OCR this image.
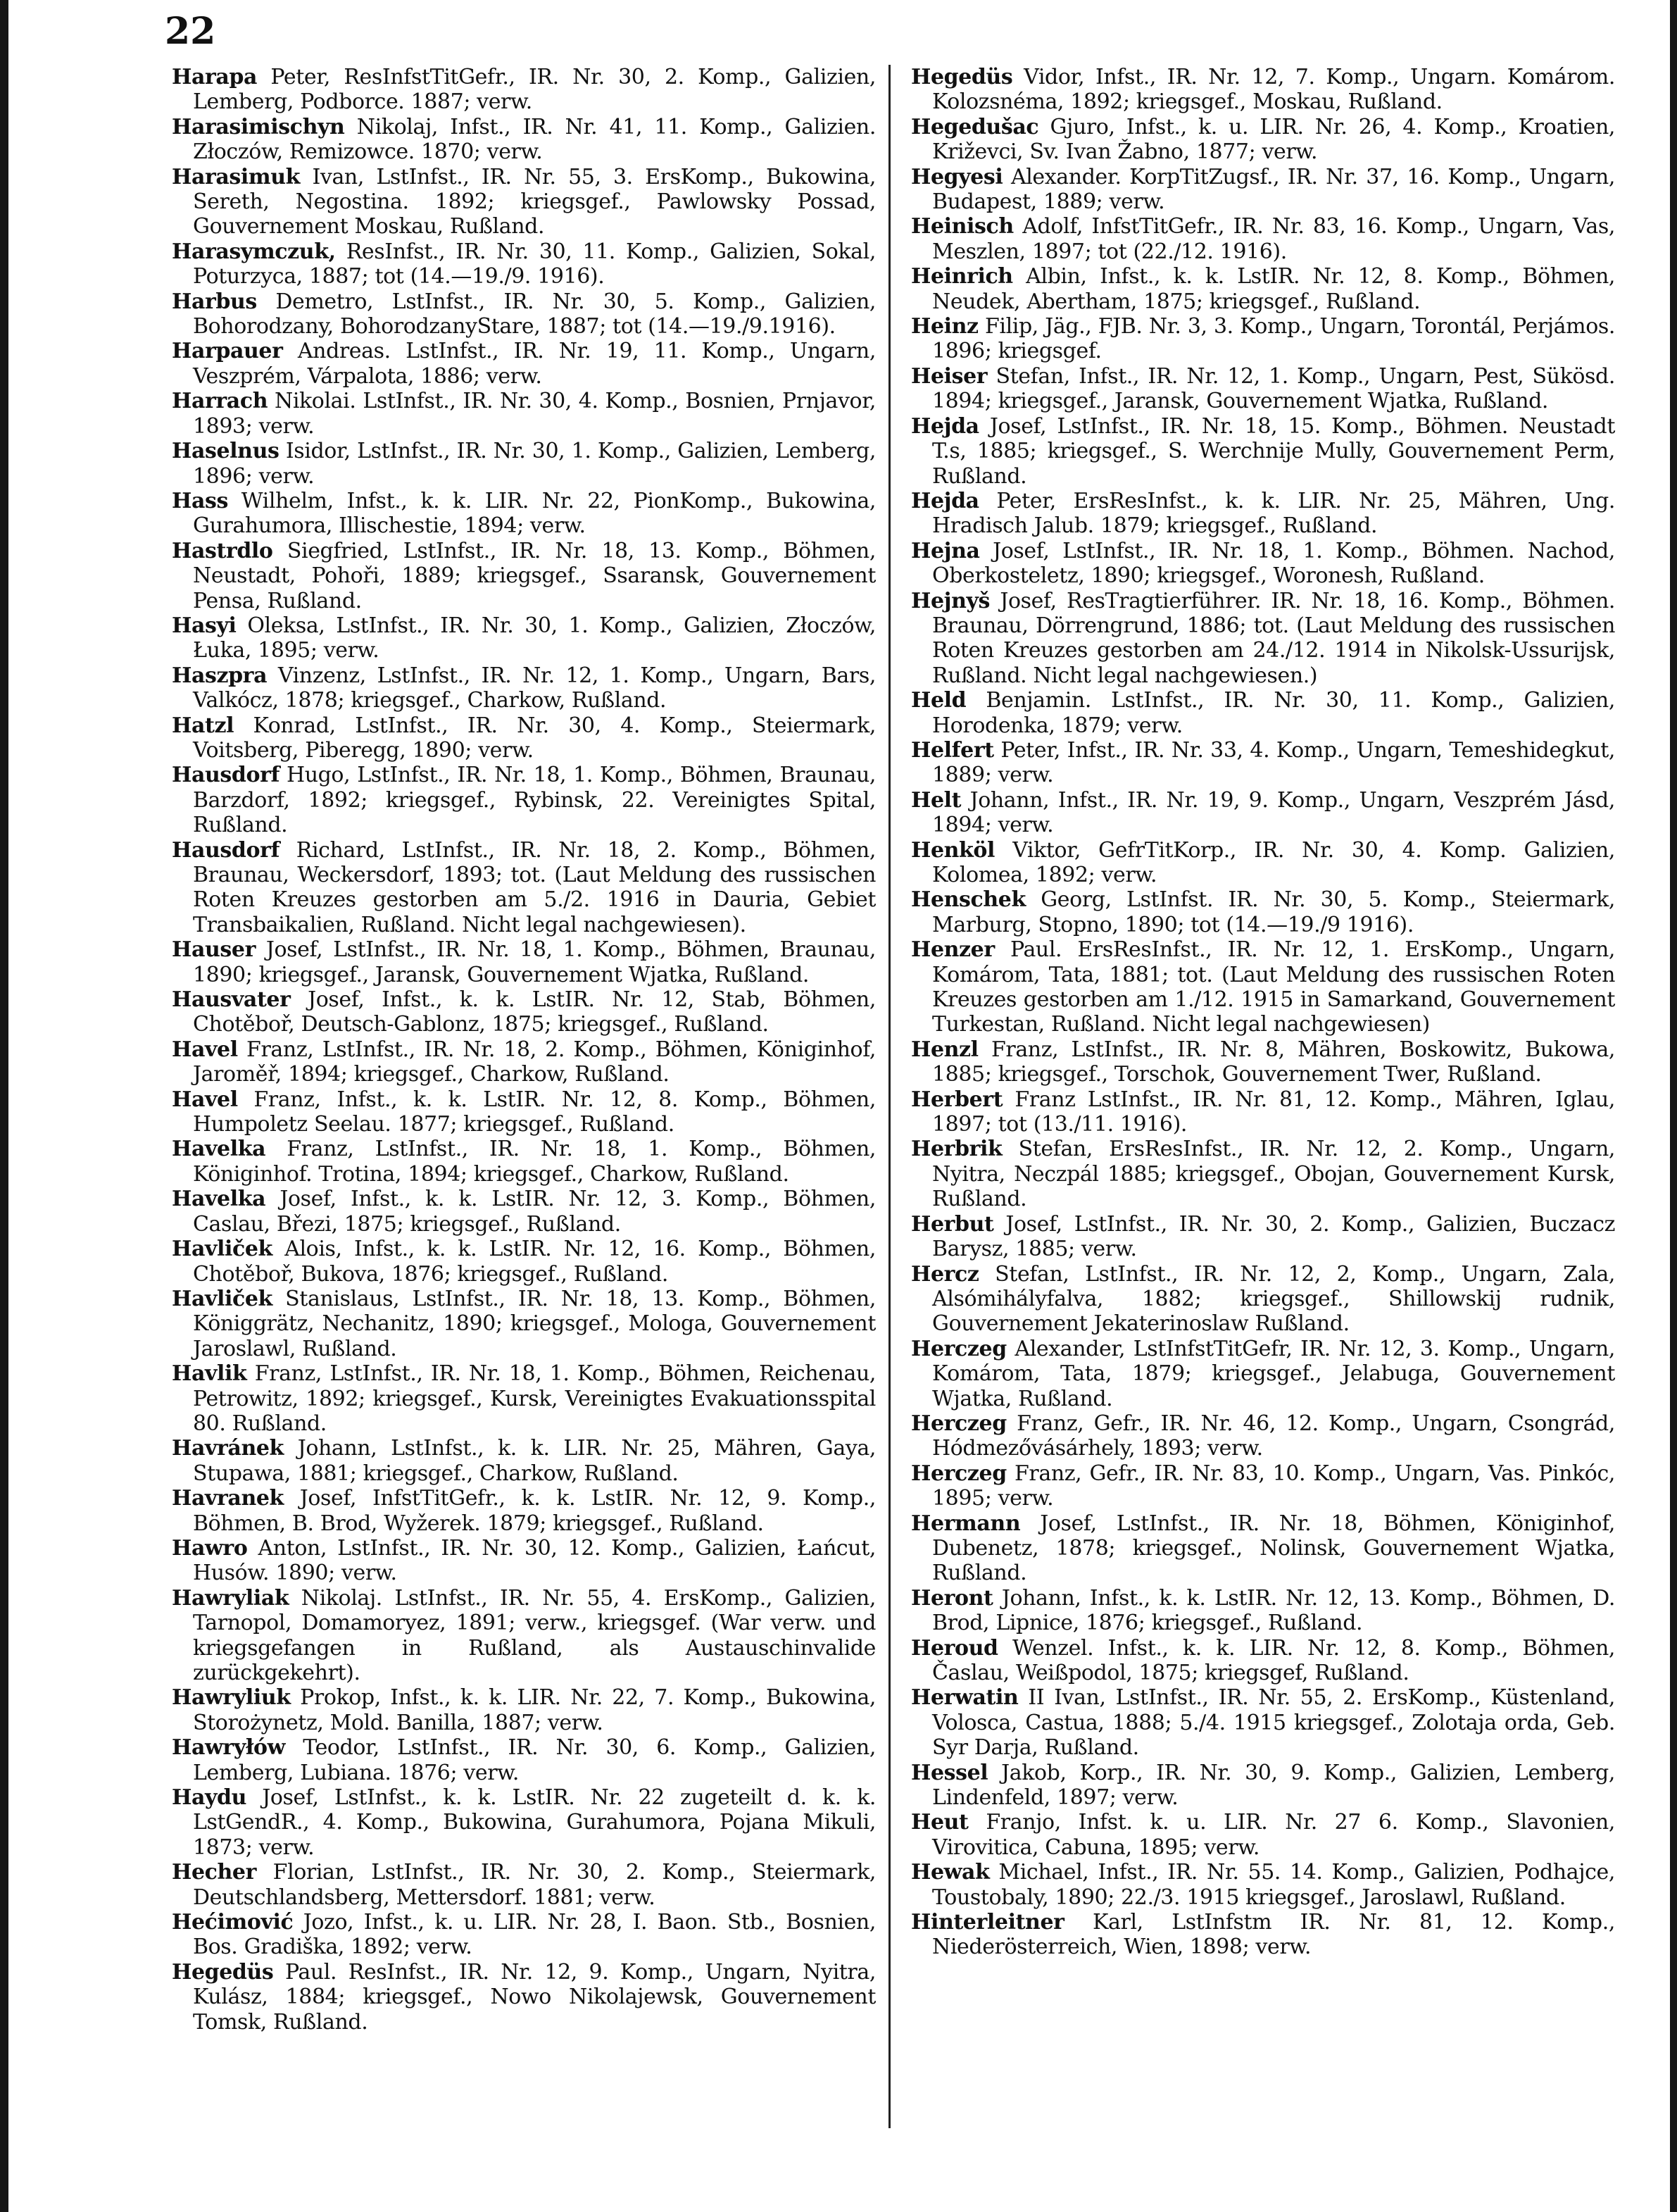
22

Harapa Peter, ResInfstTitGefr., IR. Nr. 30, 2. Komp., Galizien, Lemberg, Podborce. 1887; verw.

Harasimischyn Nikolaj, Infst., IR. Nr. 41, 11. Komp., Galizien. Złoczów, Remizowce. 1870; verw.

Harasimuk Ivan, LstInfst., IR. Nr. 55, 3. ErsKomp., Bukowina, Sereth, Negostina. 1892; kriegsgef., Pawlowsky Possad, Gouvernement Moskau, Rußland.

Harasymczuk, ResInfst., IR. Nr. 30, 11. Komp., Galizien, Sokal, Poturzyca, 1887; tot (14.—19./9. 1916).

Harbus Demetro, LstInfst., IR. Nr. 30, 5. Komp., Galizien, Bohorodzany, BohorodzanyStare, 1887; tot (14.—19./9.1916).

Harpauer Andreas. LstInfst., IR. Nr. 19, 11. Komp., Ungarn, Veszprém, Várpalota, 1886; verw.

Harrach Nikolai. LstInfst., IR. Nr. 30, 4. Komp., Bosnien, Prnjavor, 1893; verw.

Haselnus Isidor, LstInfst., IR. Nr. 30, 1. Komp., Galizien, Lemberg, 1896; verw.

Hass Wilhelm, Infst., k. k. LIR. Nr. 22, PionKomp., Bukowina, Gurahumora, Illischestie, 1894; verw.

Hastrdlo Siegfried, LstInfst., IR. Nr. 18, 13. Komp., Böhmen, Neustadt, Pohoři, 1889; kriegsgef., Ssaransk, Gouvernement Pensa, Rußland.

Hasyi Oleksa, LstInfst., IR. Nr. 30, 1. Komp., Galizien, Złoczów, Łuka, 1895; verw.

Haszpra Vinzenz, LstInfst., IR. Nr. 12, 1. Komp., Ungarn, Bars, Valkócz, 1878; kriegsgef., Charkow, Rußland.

Hatzl Konrad, LstInfst., IR. Nr. 30, 4. Komp., Steiermark, Voitsberg, Piberegg, 1890; verw.

Hausdorf Hugo, LstInfst., IR. Nr. 18, 1. Komp., Böhmen, Braunau, Barzdorf, 1892; kriegsgef., Rybinsk, 22. Vereinigtes Spital, Rußland.

Hausdorf Richard, LstInfst., IR. Nr. 18, 2. Komp., Böhmen, Braunau, Weckersdorf, 1893; tot. (Laut Meldung des russischen Roten Kreuzes gestorben am 5./2. 1916 in Dauria, Gebiet Transbaikalien, Rußland. Nicht legal nachgewiesen).

Hauser Josef, LstInfst., IR. Nr. 18, 1. Komp., Böhmen, Braunau, 1890; kriegsgef., Jaransk, Gouvernement Wjatka, Rußland.

Hausvater Josef, Infst., k. k. LstIR. Nr. 12, Stab, Böhmen, Chotěboř, Deutsch-Gablonz, 1875; kriegsgef., Rußland.

Havel Franz, LstInfst., IR. Nr. 18, 2. Komp., Böhmen, Königinhof, Jaroměř, 1894; kriegsgef., Charkow, Rußland.

Havel Franz, Infst., k. k. LstIR. Nr. 12, 8. Komp., Böhmen, Humpoletz Seelau. 1877; kriegsgef., Rußland.

Havelka Franz, LstInfst., IR. Nr. 18, 1. Komp., Böhmen, Königinhof. Trotina, 1894; kriegsgef., Charkow, Rußland.

Havelka Josef, Infst., k. k. LstIR. Nr. 12, 3. Komp., Böhmen, Caslau, Březi, 1875; kriegsgef., Rußland.

Havliček Alois, Infst., k. k. LstIR. Nr. 12, 16. Komp., Böhmen, Chotěboř, Bukova, 1876; kriegsgef., Rußland.

Havliček Stanislaus, LstInfst., IR. Nr. 18, 13. Komp., Böhmen, Königgrätz, Nechanitz, 1890; kriegsgef., Mologa, Gouvernement Jaroslawl, Rußland.

Havlik Franz, LstInfst., IR. Nr. 18, 1. Komp., Böhmen, Reichenau, Petrowitz, 1892; kriegsgef., Kursk, Vereinigtes Evakuationsspital 80. Rußland.

Havránek Johann, LstInfst., k. k. LIR. Nr. 25, Mähren, Gaya, Stupawa, 1881; kriegsgef., Charkow, Rußland.

Havranek Josef, InfstTitGefr., k. k. LstIR. Nr. 12, 9. Komp., Böhmen, B. Brod, Wyžerek. 1879; kriegsgef., Rußland.

Hawro Anton, LstInfst., IR. Nr. 30, 12. Komp., Galizien, Łańcut, Husów. 1890; verw.

Hawryliak Nikolaj. LstInfst., IR. Nr. 55, 4. ErsKomp., Galizien, Tarnopol, Domamoryez, 1891; verw., kriegsgef. (War verw. und kriegsgefangen in Rußland, als Austauschinvalide zurückgekehrt).

Hawryliuk Prokop, Infst., k. k. LIR. Nr. 22, 7. Komp., Bukowina, Storożynetz, Mold. Banilla, 1887; verw.

Hawryłów Teodor, LstInfst., IR. Nr. 30, 6. Komp., Galizien, Lemberg, Lubiana. 1876; verw.

Haydu Josef, LstInfst., k. k. LstIR. Nr. 22 zugeteilt d. k. k. LstGendR., 4. Komp., Bukowina, Gurahumora, Pojana Mikuli, 1873; verw.

Hecher Florian, LstInfst., IR. Nr. 30, 2. Komp., Steiermark, Deutschlandsberg, Mettersdorf. 1881; verw.

Hećimović Jozo, Infst., k. u. LIR. Nr. 28, I. Baon. Stb., Bosnien, Bos. Gradiška, 1892; verw.

Hegedüs Paul. ResInfst., IR. Nr. 12, 9. Komp., Ungarn, Nyitra, Kulász, 1884; kriegsgef., Nowo Nikolajewsk, Gouvernement Tomsk, Rußland.

Hegedüs Vidor, Infst., IR. Nr. 12, 7. Komp., Ungarn. Komárom. Kolozsnéma, 1892; kriegsgef., Moskau, Rußland.

Hegedušac Gjuro, Infst., k. u. LIR. Nr. 26, 4. Komp., Kroatien, Križevci, Sv. Ivan Žabno, 1877; verw.

Hegyesi Alexander. KorpTitZugsf., IR. Nr. 37, 16. Komp., Ungarn, Budapest, 1889; verw.

Heinisch Adolf, InfstTitGefr., IR. Nr. 83, 16. Komp., Ungarn, Vas, Meszlen, 1897; tot (22./12. 1916).

Heinrich Albin, Infst., k. k. LstIR. Nr. 12, 8. Komp., Böhmen, Neudek, Abertham, 1875; kriegsgef., Rußland.

Heinz Filip, Jäg., FJB. Nr. 3, 3. Komp., Ungarn, Torontál, Perjámos. 1896; kriegsgef.

Heiser Stefan, Infst., IR. Nr. 12, 1. Komp., Ungarn, Pest, Sükösd. 1894; kriegsgef., Jaransk, Gouvernement Wjatka, Rußland.

Hejda Josef, LstInfst., IR. Nr. 18, 15. Komp., Böhmen. Neustadt T.s, 1885; kriegsgef., S. Werchnije Mully, Gouvernement Perm, Rußland.

Hejda Peter, ErsResInfst., k. k. LIR. Nr. 25, Mähren, Ung. Hradisch Jalub. 1879; kriegsgef., Rußland.

Hejna Josef, LstInfst., IR. Nr. 18, 1. Komp., Böhmen. Nachod, Oberkosteletz, 1890; kriegsgef., Woronesh, Rußland.

Hejnyš Josef, ResTragtierführer. IR. Nr. 18, 16. Komp., Böhmen. Braunau, Dörrengrund, 1886; tot. (Laut Meldung des russischen Roten Kreuzes gestorben am 24./12. 1914 in Nikolsk-Ussurijsk, Rußland. Nicht legal nachgewiesen.)

Held Benjamin. LstInfst., IR. Nr. 30, 11. Komp., Galizien, Horodenka, 1879; verw.

Helfert Peter, Infst., IR. Nr. 33, 4. Komp., Ungarn, Temeshidegkut, 1889; verw.

Helt Johann, Infst., IR. Nr. 19, 9. Komp., Ungarn, Veszprém Jásd, 1894; verw.

Henköl Viktor, GefrTitKorp., IR. Nr. 30, 4. Komp. Galizien, Kolomea, 1892; verw.

Henschek Georg, LstInfst. IR. Nr. 30, 5. Komp., Steiermark, Marburg, Stopno, 1890; tot (14.—19./9 1916).

Henzer Paul. ErsResInfst., IR. Nr. 12, 1. ErsKomp., Ungarn, Komárom, Tata, 1881; tot. (Laut Meldung des russischen Roten Kreuzes gestorben am 1./12. 1915 in Samarkand, Gouvernement Turkestan, Rußland. Nicht legal nachgewiesen)

Henzl Franz, LstInfst., IR. Nr. 8, Mähren, Boskowitz, Bukowa, 1885; kriegsgef., Torschok, Gouvernement Twer, Rußland.

Herbert Franz LstInfst., IR. Nr. 81, 12. Komp., Mähren, Iglau, 1897; tot (13./11. 1916).

Herbrik Stefan, ErsResInfst., IR. Nr. 12, 2. Komp., Ungarn, Nyitra, Neczpál 1885; kriegsgef., Obojan, Gouvernement Kursk, Rußland.

Herbut Josef, LstInfst., IR. Nr. 30, 2. Komp., Galizien, Buczacz Barysz, 1885; verw.

Hercz Stefan, LstInfst., IR. Nr. 12, 2, Komp., Ungarn, Zala, Alsómihályfalva, 1882; kriegsgef., Shillowskij rudnik, Gouvernement Jekaterinoslaw Rußland.

Herczeg Alexander, LstInfstTitGefr, IR. Nr. 12, 3. Komp., Ungarn, Komárom, Tata, 1879; kriegsgef., Jelabuga, Gouvernement Wjatka, Rußland.

Herczeg Franz, Gefr., IR. Nr. 46, 12. Komp., Ungarn, Csongrád, Hódmezővásárhely, 1893; verw.

Herczeg Franz, Gefr., IR. Nr. 83, 10. Komp., Ungarn, Vas. Pinkóc, 1895; verw.

Hermann Josef, LstInfst., IR. Nr. 18, Böhmen, Königinhof, Dubenetz, 1878; kriegsgef., Nolinsk, Gouvernement Wjatka, Rußland.

Heront Johann, Infst., k. k. LstIR. Nr. 12, 13. Komp., Böhmen, D. Brod, Lipnice, 1876; kriegsgef., Rußland.

Heroud Wenzel. Infst., k. k. LIR. Nr. 12, 8. Komp., Böhmen, Časlau, Weißpodol, 1875; kriegsgef, Rußland.

Herwatin II Ivan, LstInfst., IR. Nr. 55, 2. ErsKomp., Küstenland, Volosca, Castua, 1888; 5./4. 1915 kriegsgef., Zolotaja orda, Geb. Syr Darja, Rußland.

Hessel Jakob, Korp., IR. Nr. 30, 9. Komp., Galizien, Lemberg, Lindenfeld, 1897; verw.

Heut Franjo, Infst. k. u. LIR. Nr. 27 6. Komp., Slavonien, Virovitica, Cabuna, 1895; verw.

Hewak Michael, Infst., IR. Nr. 55. 14. Komp., Galizien, Podhajce, Toustobaly, 1890; 22./3. 1915 kriegsgef., Jaroslawl, Rußland.

Hinterleitner Karl, LstInfstm IR. Nr. 81, 12. Komp., Niederösterreich, Wien, 1898; verw.
